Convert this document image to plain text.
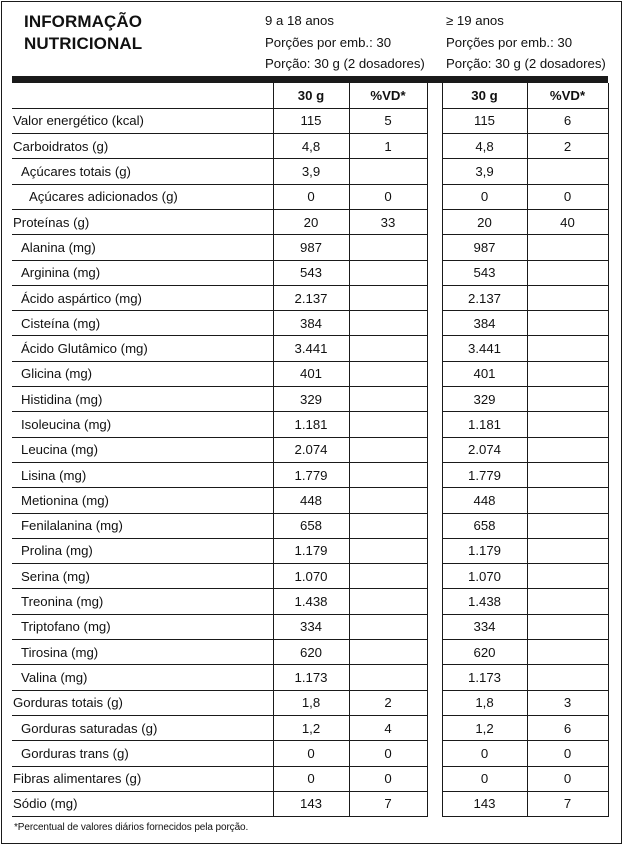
INFORMAÇÃO
NUTRICIONAL
9 a 18 anos
Porções por emb.: 30
Porção: 30 g (2 dosadores)
≥ 19 anos
Porções por emb.: 30
Porção: 30 g (2 dosadores)
	30 g	%VD*		30 g	%VD*
Valor energético (kcal)	115	5		115	6
Carboidratos (g)	4,8	1		4,8	2
Açúcares totais (g)	3,9			3,9	
Açúcares adicionados (g)	0	0		0	0
Proteínas (g)	20	33		20	40
Alanina (mg)	987			987	
Arginina (mg)	543			543	
Ácido aspártico (mg)	2.137			2.137	
Cisteína (mg)	384			384	
Ácido Glutâmico (mg)	3.441			3.441	
Glicina (mg)	401			401	
Histidina (mg)	329			329	
Isoleucina (mg)	1.181			1.181	
Leucina (mg)	2.074			2.074	
Lisina (mg)	1.779			1.779	
Metionina (mg)	448			448	
Fenilalanina (mg)	658			658	
Prolina (mg)	1.179			1.179	
Serina (mg)	1.070			1.070	
Treonina (mg)	1.438			1.438	
Triptofano (mg)	334			334	
Tirosina (mg)	620			620	
Valina (mg)	1.173			1.173	
Gorduras totais (g)	1,8	2		1,8	3
Gorduras saturadas (g)	1,2	4		1,2	6
Gorduras trans (g)	0	0		0	0
Fibras alimentares (g)	0	0		0	0
Sódio (mg)	143	7		143	7
*Percentual de valores diários fornecidos pela porção.
